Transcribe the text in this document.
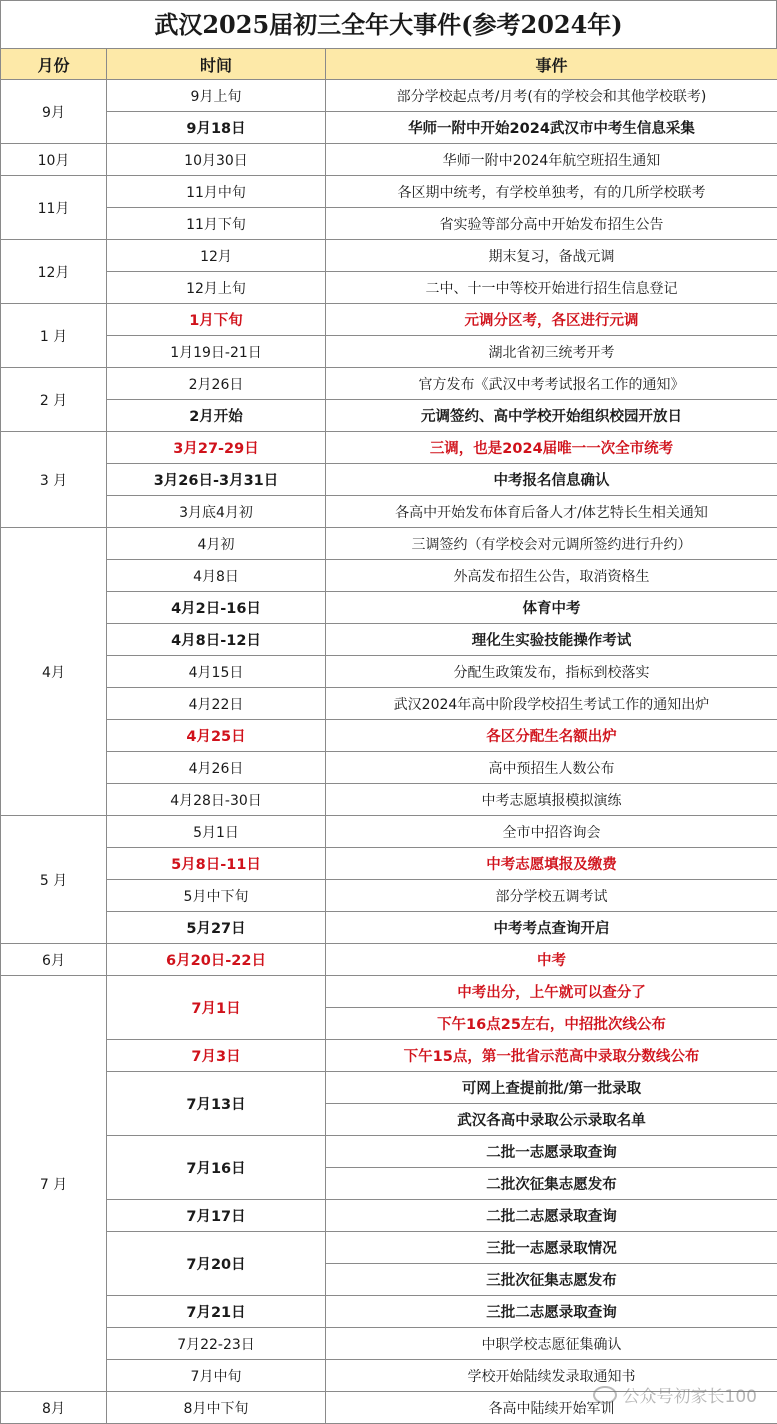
武汉2025届初三全年大事件(参考2024年)
月份	时间	事件
9月	9月上旬	部分学校起点考/月考(有的学校会和其他学校联考)
	9月18日	华师一附中开始2024武汉市中考生信息采集
10月	10月30日	华师一附中2024年航空班招生通知
11月	11月中旬	各区期中统考，有学校单独考，有的几所学校联考
	11月下旬	省实验等部分高中开始发布招生公告
12月	12月	期末复习，备战元调
	12月上旬	二中、十一中等校开始进行招生信息登记
1 月	1月下旬	元调分区考，各区进行元调
	1月19日-21日	湖北省初三统考开考
2 月	2月26日	官方发布《武汉中考考试报名工作的通知》
	2月开始	元调签约、高中学校开始组织校园开放日
3 月	3月27-29日	三调，也是2024届唯一一次全市统考
	3月26日-3月31日	中考报名信息确认
	3月底4月初	各高中开始发布体育后备人才/体艺特长生相关通知
4月	4月初	三调签约（有学校会对元调所签约进行升约）
	4月8日	外高发布招生公告，取消资格生
	4月2日-16日	体育中考
	4月8日-12日	理化生实验技能操作考试
	4月15日	分配生政策发布，指标到校落实
	4月22日	武汉2024年高中阶段学校招生考试工作的通知出炉
	4月25日	各区分配生名额出炉
	4月26日	高中预招生人数公布
	4月28日-30日	中考志愿填报模拟演练
5 月	5月1日	全市中招咨询会
	5月8日-11日	中考志愿填报及缴费
	5月中下旬	部分学校五调考试
	5月27日	中考考点查询开启
6月	6月20日-22日	中考
7 月	7月1日	中考出分，上午就可以查分了
		下午16点25左右，中招批次线公布
	7月3日	下午15点，第一批省示范高中录取分数线公布
	7月13日	可网上查提前批/第一批录取
		武汉各高中录取公示录取名单
	7月16日	二批一志愿录取查询
		二批次征集志愿发布
	7月17日	二批二志愿录取查询
	7月20日	三批一志愿录取情况
		三批次征集志愿发布
	7月21日	三批二志愿录取查询
	7月22-23日	中职学校志愿征集确认
	7月中旬	学校开始陆续发录取通知书
8月	8月中下旬	各高中陆续开始军训
公众号初家长100
